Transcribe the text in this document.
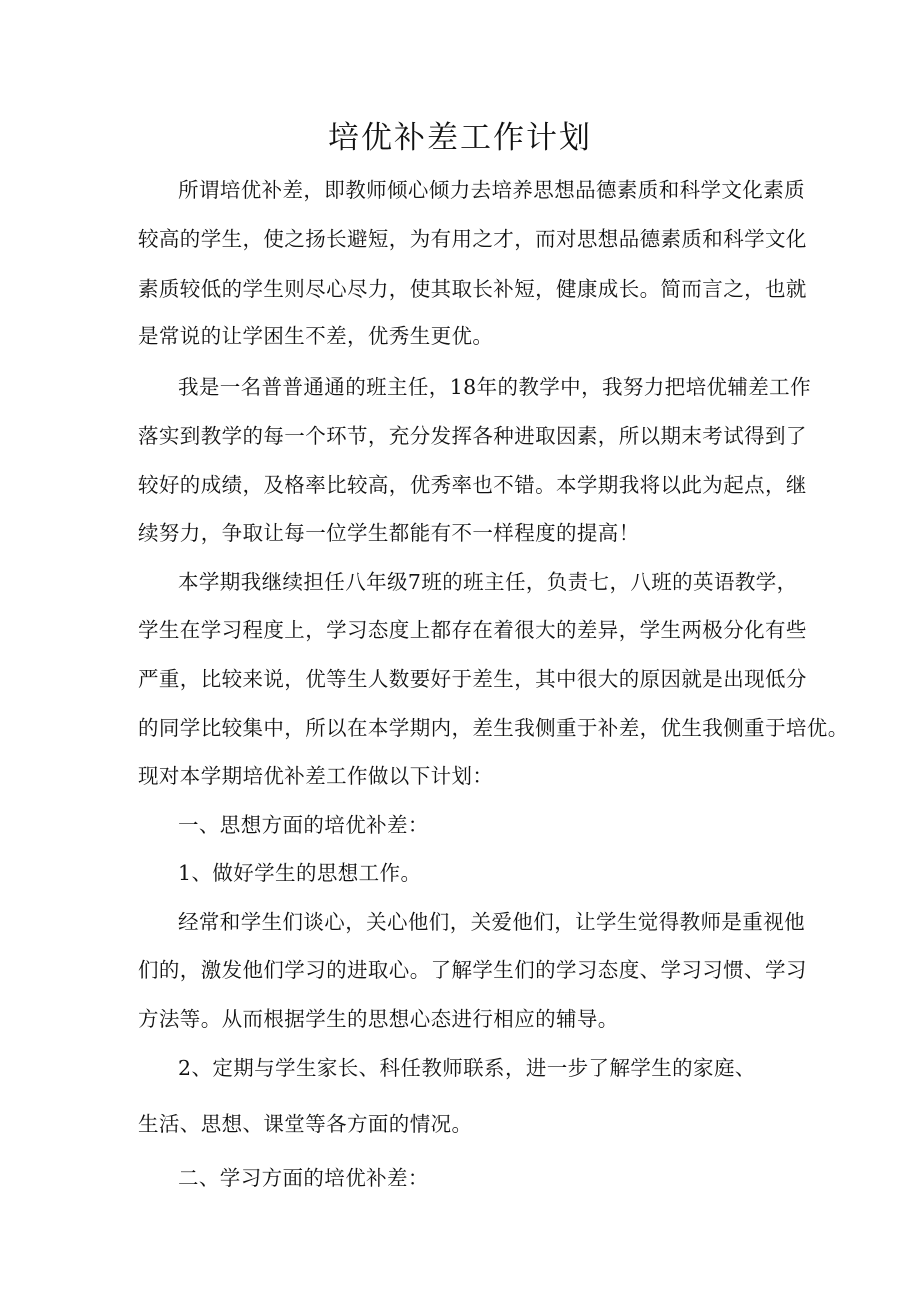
培优补差工作计划
所谓培优补差，即教师倾心倾力去培养思想品德素质和科学文化素质
较高的学生，使之扬长避短，为有用之才，而对思想品德素质和科学文化
素质较低的学生则尽心尽力，使其取长补短，健康成长。简而言之，也就
是常说的让学困生不差，优秀生更优。
我是一名普普通通的班主任，18年的教学中，我努力把培优辅差工作
落实到教学的每一个环节，充分发挥各种进取因素，所以期末考试得到了
较好的成绩，及格率比较高，优秀率也不错。本学期我将以此为起点，继
续努力，争取让每一位学生都能有不一样程度的提高！
本学期我继续担任八年级7班的班主任，负责七，八班的英语教学，
学生在学习程度上，学习态度上都存在着很大的差异，学生两极分化有些
严重，比较来说，优等生人数要好于差生，其中很大的原因就是出现低分
的同学比较集中，所以在本学期内，差生我侧重于补差，优生我侧重于培优。
现对本学期培优补差工作做以下计划：
一、思想方面的培优补差：
1、做好学生的思想工作。
经常和学生们谈心，关心他们，关爱他们，让学生觉得教师是重视他
们的，激发他们学习的进取心。了解学生们的学习态度、学习习惯、学习
方法等。从而根据学生的思想心态进行相应的辅导。
2、定期与学生家长、科任教师联系，进一步了解学生的家庭、
生活、思想、课堂等各方面的情况。
二、学习方面的培优补差：
